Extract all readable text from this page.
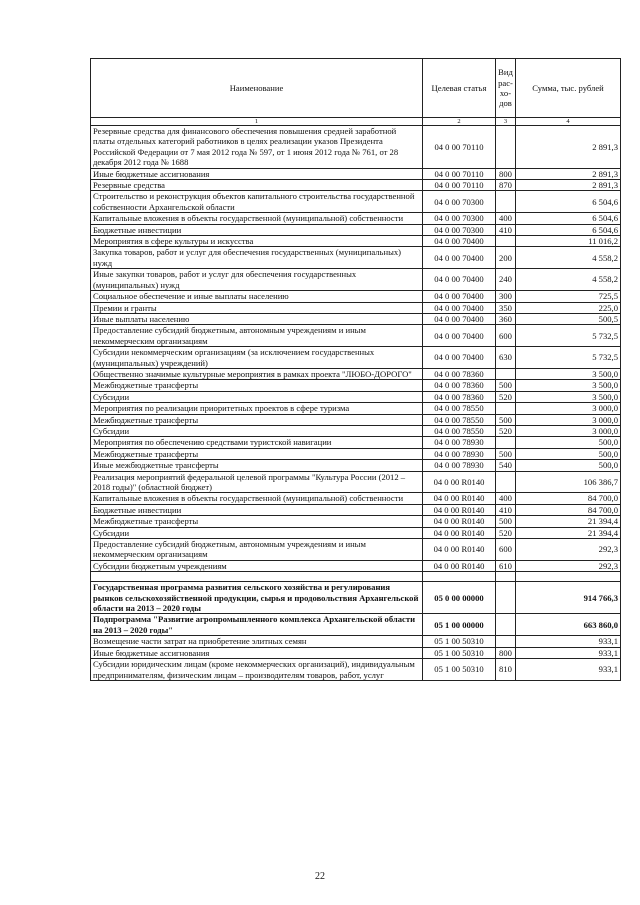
Наименование	Целевая статья	Вид рас-хо-дов	Сумма, тыс. рублей
1	2	3	4
Резервные средства для финансового обеспечения повышения средней заработной платы отдельных категорий работников в целях реализации указов Президента Российской Федерации от 7 мая 2012 года № 597, от 1 июня 2012 года № 761, от 28 декабря 2012 года № 1688	04 0 00 70110		2 891,3
Иные бюджетные ассигнования	04 0 00 70110	800	2 891,3
Резервные средства	04 0 00 70110	870	2 891,3
Строительство и реконструкция объектов капитального строительства государственной собственности Архангельской области	04 0 00 70300		6 504,6
Капитальные вложения в объекты государственной (муниципальной) собственности	04 0 00 70300	400	6 504,6
Бюджетные инвестиции	04 0 00 70300	410	6 504,6
Мероприятия в сфере культуры и искусства	04 0 00 70400		11 016,2
Закупка товаров, работ и услуг для обеспечения государственных (муниципальных) нужд	04 0 00 70400	200	4 558,2
Иные закупки товаров, работ и услуг для обеспечения государственных (муниципальных) нужд	04 0 00 70400	240	4 558,2
Социальное обеспечение и иные выплаты населению	04 0 00 70400	300	725,5
Премии и гранты	04 0 00 70400	350	225,0
Иные выплаты населению	04 0 00 70400	360	500,5
Предоставление субсидий бюджетным, автономным учреждениям и иным некоммерческим организациям	04 0 00 70400	600	5 732,5
Субсидии некоммерческим организациям (за исключением государственных (муниципальных) учреждений)	04 0 00 70400	630	5 732,5
Общественно значимые культурные мероприятия в рамках проекта "ЛЮБО-ДОРОГО"	04 0 00 78360		3 500,0
Межбюджетные трансферты	04 0 00 78360	500	3 500,0
Субсидии	04 0 00 78360	520	3 500,0
Мероприятия по реализации приоритетных проектов в сфере туризма	04 0 00 78550		3 000,0
Межбюджетные трансферты	04 0 00 78550	500	3 000,0
Субсидии	04 0 00 78550	520	3 000,0
Мероприятия по обеспечению средствами туристской навигации	04 0 00 78930		500,0
Межбюджетные трансферты	04 0 00 78930	500	500,0
Иные межбюджетные трансферты	04 0 00 78930	540	500,0
Реализация мероприятий федеральной целевой программы "Культура России (2012 – 2018 годы)" (областной бюджет)	04 0 00 R0140		106 386,7
Капитальные вложения в объекты государственной (муниципальной) собственности	04 0 00 R0140	400	84 700,0
Бюджетные инвестиции	04 0 00 R0140	410	84 700,0
Межбюджетные трансферты	04 0 00 R0140	500	21 394,4
Субсидии	04 0 00 R0140	520	21 394,4
Предоставление субсидий бюджетным, автономным учреждениям и иным некоммерческим организациям	04 0 00 R0140	600	292,3
Субсидии бюджетным учреждениям	04 0 00 R0140	610	292,3

Государственная программа развития сельского хозяйства и регулирования рынков сельскохозяйственной продукции, сырья и продовольствия Архангельской области на 2013 – 2020 годы	05 0 00 00000		914 766,3
Подпрограмма "Развитие агропромышленного комплекса Архангельской области на 2013 – 2020 годы"	05 1 00 00000		663 860,0
Возмещение части затрат на приобретение элитных семян	05 1 00 50310		933,1
Иные бюджетные ассигнования	05 1 00 50310	800	933,1
Субсидии юридическим лицам (кроме некоммерческих организаций), индивидуальным предпринимателям, физическим лицам – производителям товаров, работ, услуг	05 1 00 50310	810	933,1
22
